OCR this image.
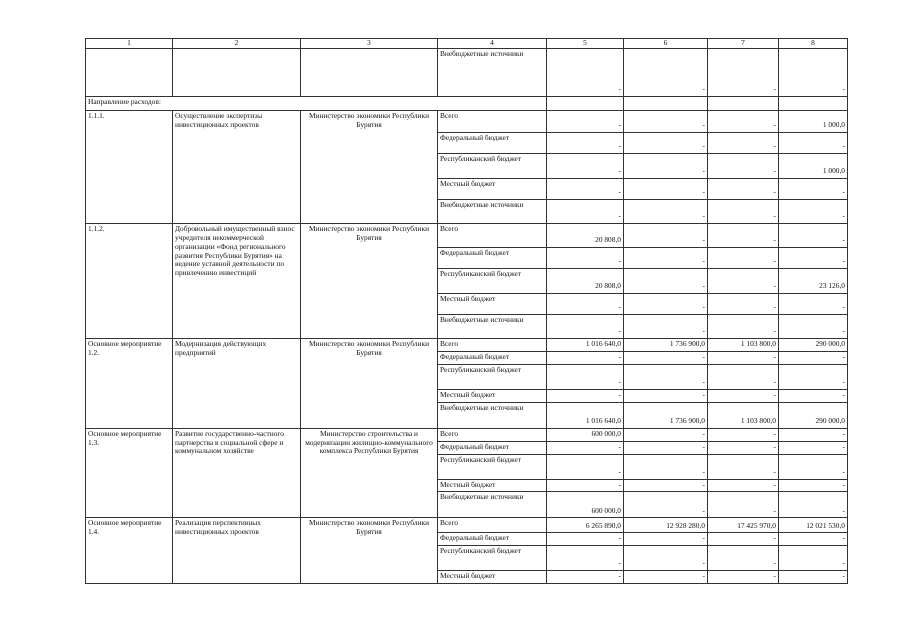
1	2	3	4	5	6	7	8
			Внебюджетные источники	-	-	-	-
Направление расходов:							
1.1.1.	Осуществление экспертизы инвестиционных проектов	Министерство экономики Республики Бурятия	Всего	-	-	-	1 000,0
			Федеральный бюджет	-	-	-	-
			Республиканский бюджет	-	-	-	1 000,0
			Местный бюджет	-	-	-	-
			Внебюджетные источники	-	-	-	-
1.1.2.	Добровольный имущественный взнос учредителя некоммерческой организации «Фонд регионального развития Республики Бурятия» на ведение уставной деятельности по привлечению инвестиций	Министерство экономики Республики Бурятия	Всего	20 808,0	-	-	-
			Федеральный бюджет	-	-	-	-
			Республиканский бюджет	20 808,0	-	-	23 126,0
			Местный бюджет	-	-	-	-
			Внебюджетные источники	-	-	-	-
Основное мероприятие 1.2.	Модернизация действующих предприятий	Министерство экономики Республики Бурятия	Всего	1 016 640,0	1 736 900,0	1 103 800,0	290 000,0
			Федеральный бюджет	-	-	-	-
			Республиканский бюджет	-	-	-	-
			Местный бюджет	-	-	-	-
			Внебюджетные источники	1 016 640,0	1 736 900,0	1 103 800,0	290 000,0
Основное мероприятие 1.3.	Развитие государственно-частного партнерства в социальной сфере и коммунальном хозяйстве	Министерство строительства и модернизации жилищно-коммунального комплекса Республики Бурятия	Всего	600 000,0	-	-	-
			Федеральный бюджет	-	-	-	-
			Республиканский бюджет	-	-	-	-
			Местный бюджет	-	-	-	-
			Внебюджетные источники	600 000,0	-	-	-
Основное мероприятие 1.4.	Реализация перспективных инвестиционных проектов	Министерство экономики Республики Бурятия	Всего	6 265 890,0	12 928 280,0	17 425 970,0	12 021 530,0
			Федеральный бюджет	-	-	-	-
			Республиканский бюджет	-	-	-	-
			Местный бюджет	-	-	-	-
